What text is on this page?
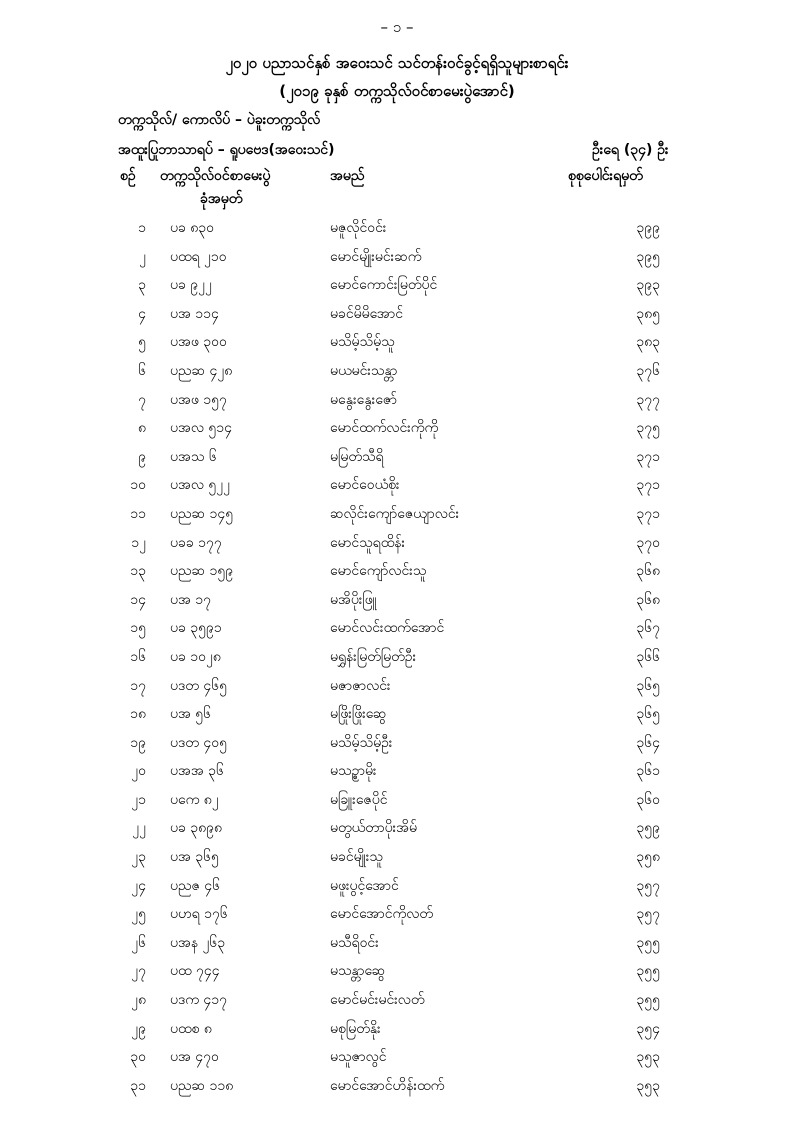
– ၁ –
၂၀၂၀ ပညာသင်နှစ် အဝေးသင် သင်တန်းဝင်ခွင့်ရရှိသူများစာရင်း
(၂၀၁၉ ခုနှစ် တက္ကသိုလ်ဝင်စာမေးပွဲအောင်)
တက္ကသိုလ်/ ကောလိပ် – ပဲခူးတက္ကသိုလ်
အထူးပြုဘာသာရပ် – ရူပဗေဒ(အဝေးသင်)	ဦးရေ (၃၄) ဦး
စဉ် တက္ကသိုလ်ဝင်စာမေးပွဲ
ခုံအမှတ်
အမည်	စုစုပေါင်းရမှတ်
၁ ပခ ၈၃၀	မဇူလိုင်ဝင်း	၃၉၉
၂ ပထရ ၂၁၀	မောင်မျိုးမင်းဆက်	၃၉၅
၃ ပခ ၉၂၂	မောင်ကောင်းမြတ်ပိုင်	၃၉၃
၄ ပအ ၁၁၄	မခင်မိမိအောင်	၃၈၅
၅ ပအဖ ၃၀၀	မသိမ့်သိမ့်သူ	၃၈၃
၆ ပညဆ ၄၂၈	မယမင်းသန္တာ	၃၇၆
၇ ပအဖ ၁၅၇	မနွေးနွေးဇော်	၃၇၇
၈ ပအလ ၅၁၄	မောင်ထက်လင်းကိုကို	၃၇၅
၉ ပအသ ၆	မမြတ်သီရိ	၃၇၁
၁၀ ပအလ ၅၂၂	မောင်ဝေယံစိုး	၃၇၁
၁၁ ပညဆ ၁၄၅	ဆလိုင်းကျော်ဇေယျာလင်း	၃၇၁
၁၂ ပခခ ၁၇၇	မောင်သူရထိန်း	၃၇၀
၁၃ ပညဆ ၁၅၉	မောင်ကျော်လင်းသူ	၃၆၈
၁၄ ပအ ၁၇	မအိပိုးဖြူ	၃၆၈
၁၅ ပခ ၃၅၉၁	မောင်လင်းထက်အောင်	၃၆၇
၁၆ ပခ ၁၀၂၈	မရွှန်းမြတ်မြတ်ဦး	၃၆၆
၁၇ ပဒတ ၄၆၅	မဇာဇာလင်း	၃၆၅
၁၈ ပအ ၅၆	မဖြိုးဖြိုးဆွေ	၃၆၅
၁၉ ပဒတ ၄၀၅	မသိမ့်သိမ့်ဦး	၃၆၄
၂၀ ပအအ ၃၆	မသဥ္စာမိုး	၃၆၁
၂၁ ပကေ ၈၂	မခြူးဇေပိုင်	၃၆၀
၂၂ ပခ ၃၈၉၈	မတွယ်တာပိုးအိမ်	၃၅၉
၂၃ ပအ ၃၆၅	မခင်မျိုးသူ	၃၅၈
၂၄ ပညဇ ၄၆	မဖူးပွင့်အောင်	၃၅၇
၂၅ ပဟရ ၁၇၆	မောင်အောင်ကိုလတ်	၃၅၇
၂၆ ပအန ၂၆၃	မသီရိဝင်း	၃၅၅
၂၇ ပထ ၇၄၄	မသန္တာဆွေ	၃၅၅
၂၈ ပဒက ၄၁၇	မောင်မင်းမင်းလတ်	၃၅၅
၂၉ ပထစ ၈	မစုမြတ်နိုး	၃၅၄
၃၀ ပအ ၄၇၀	မသူဇာလွင်	၃၅၃
၃၁ ပညဆ ၁၁၈	မောင်အောင်ဟိန်းထက်	၃၅၃
